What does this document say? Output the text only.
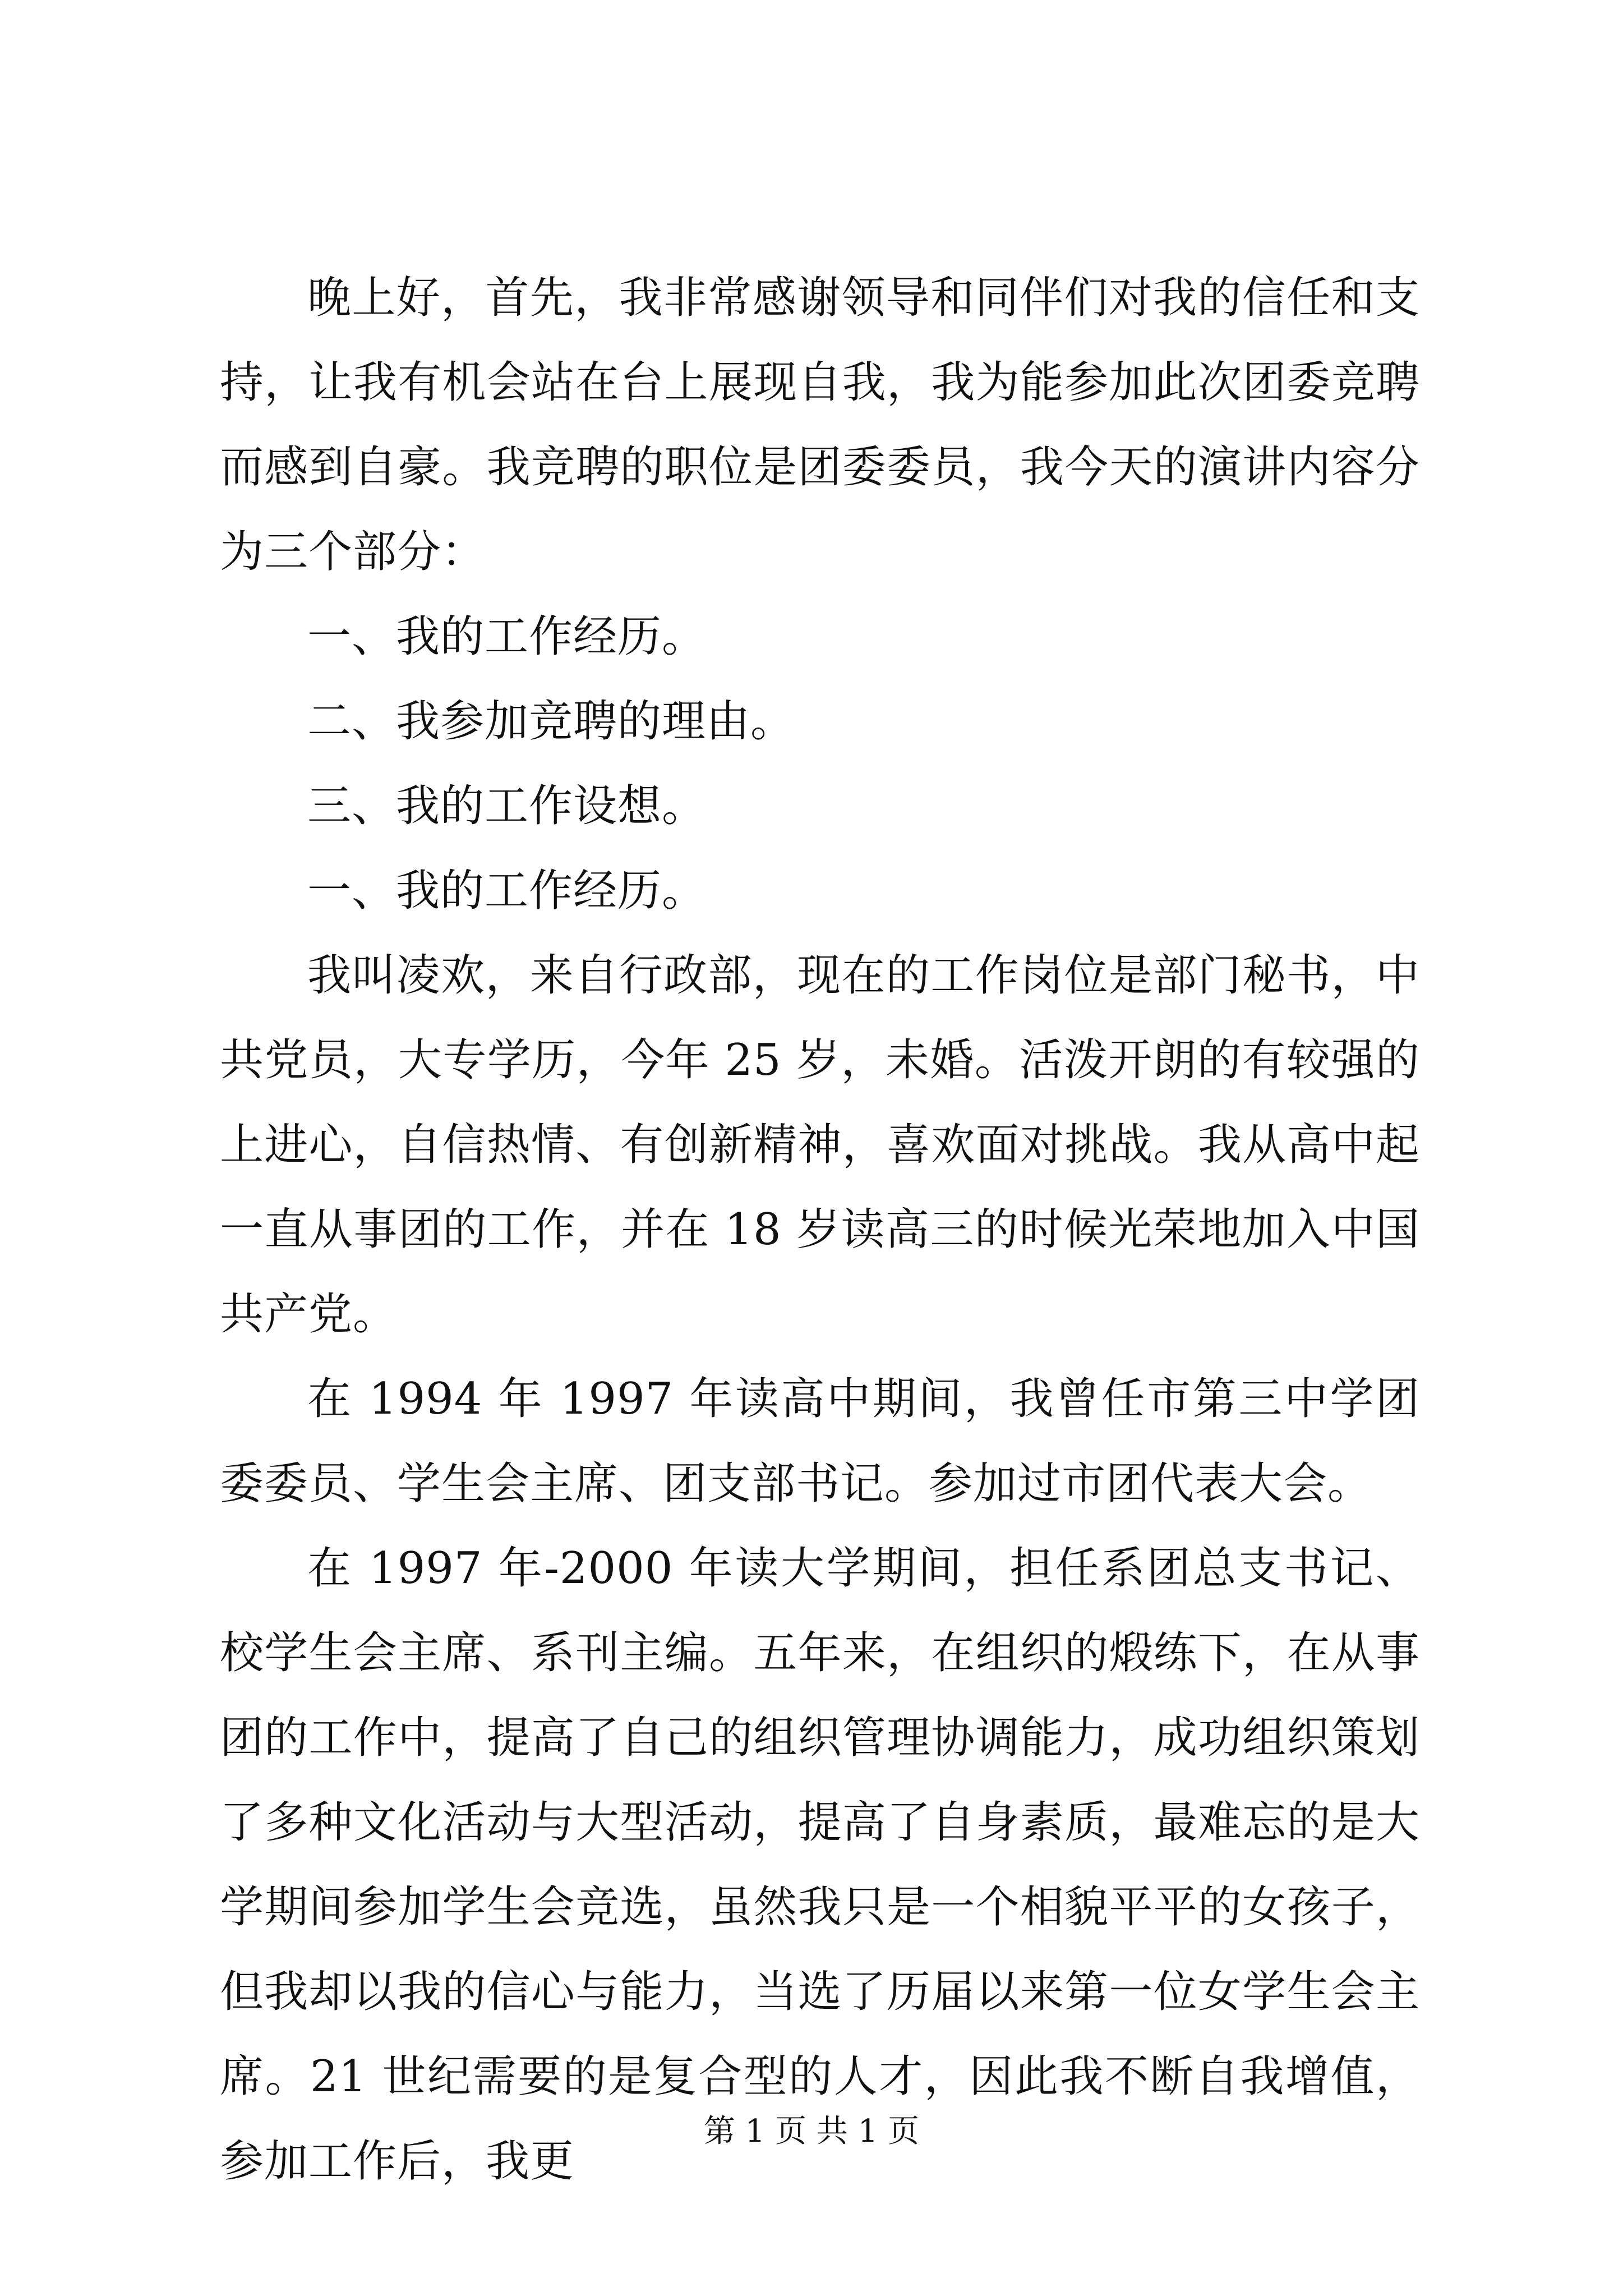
晚上好，首先，我非常感谢领导和同伴们对我的信任和支持，让我有机会站在台上展现自我，我为能参加此次团委竞聘而感到自豪。我竞聘的职位是团委委员，我今天的演讲内容分为三个部分：

一、我的工作经历。

二、我参加竞聘的理由。

三、我的工作设想。

一、我的工作经历。

我叫凌欢，来自行政部，现在的工作岗位是部门秘书，中共党员，大专学历，今年 25 岁，未婚。活泼开朗的有较强的上进心，自信热情、有创新精神，喜欢面对挑战。我从高中起一直从事团的工作，并在 18 岁读高三的时候光荣地加入中国共产党。

在 1994 年 1997 年读高中期间，我曾任市第三中学团委委员、学生会主席、团支部书记。参加过市团代表大会。

在 1997 年-2000 年读大学期间，担任系团总支书记、校学生会主席、系刊主编。五年来，在组织的煅练下，在从事团的工作中，提高了自己的组织管理协调能力，成功组织策划了多种文化活动与大型活动，提高了自身素质，最难忘的是大学期间参加学生会竞选，虽然我只是一个相貌平平的女孩子，但我却以我的信心与能力，当选了历届以来第一位女学生会主席。21 世纪需要的是复合型的人才，因此我不断自我增值，参加工作后，我更

第 1 页 共 1 页
